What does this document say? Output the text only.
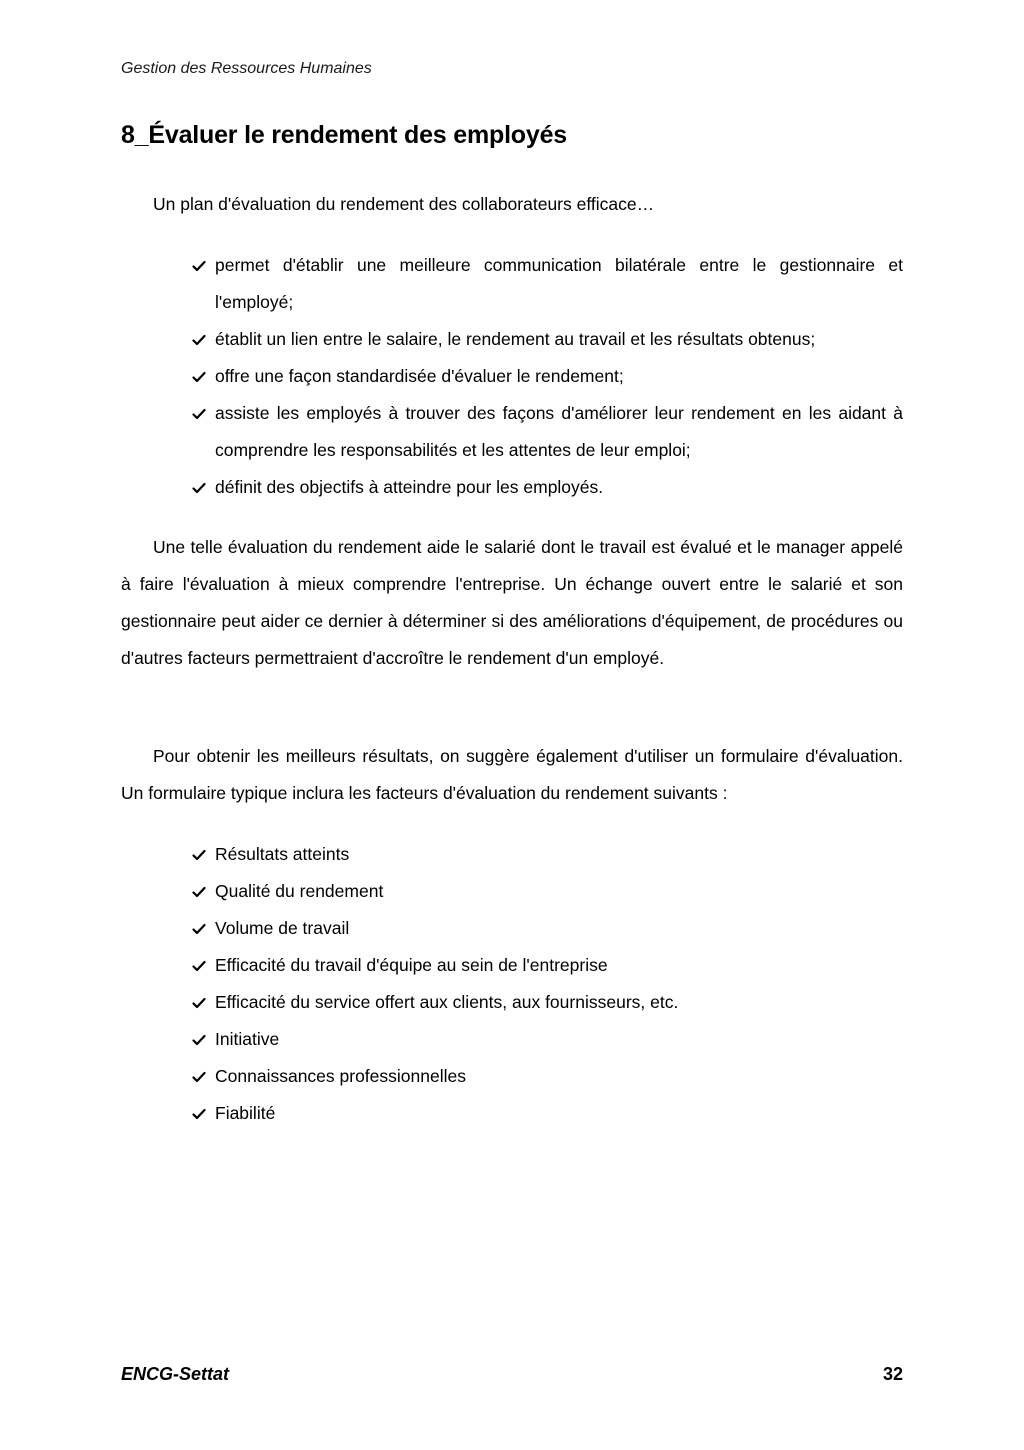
Gestion des Ressources Humaines
8_Évaluer le rendement des employés
Un plan d'évaluation du rendement des collaborateurs efficace…
permet d'établir une meilleure communication bilatérale entre le gestionnaire et l'employé;
établit un lien entre le salaire, le rendement au travail et les résultats obtenus;
offre une façon standardisée d'évaluer le rendement;
assiste les employés à trouver des façons d'améliorer leur rendement en les aidant à comprendre les responsabilités et les attentes de leur emploi;
définit des objectifs à atteindre pour les employés.

Une telle évaluation du rendement aide le salarié dont le travail est évalué et le manager appelé à faire l'évaluation à mieux comprendre l'entreprise. Un échange ouvert entre le salarié et son gestionnaire peut aider ce dernier à déterminer si des améliorations d'équipement, de procédures ou d'autres facteurs permettraient d'accroître le rendement d'un employé.

Pour obtenir les meilleurs résultats, on suggère également d'utiliser un formulaire d'évaluation. Un formulaire typique inclura les facteurs d'évaluation du rendement suivants :

Résultats atteints
Qualité du rendement
Volume de travail
Efficacité du travail d'équipe au sein de l'entreprise
Efficacité du service offert aux clients, aux fournisseurs, etc.
Initiative
Connaissances professionnelles
Fiabilité
ENCG-Settat	32
